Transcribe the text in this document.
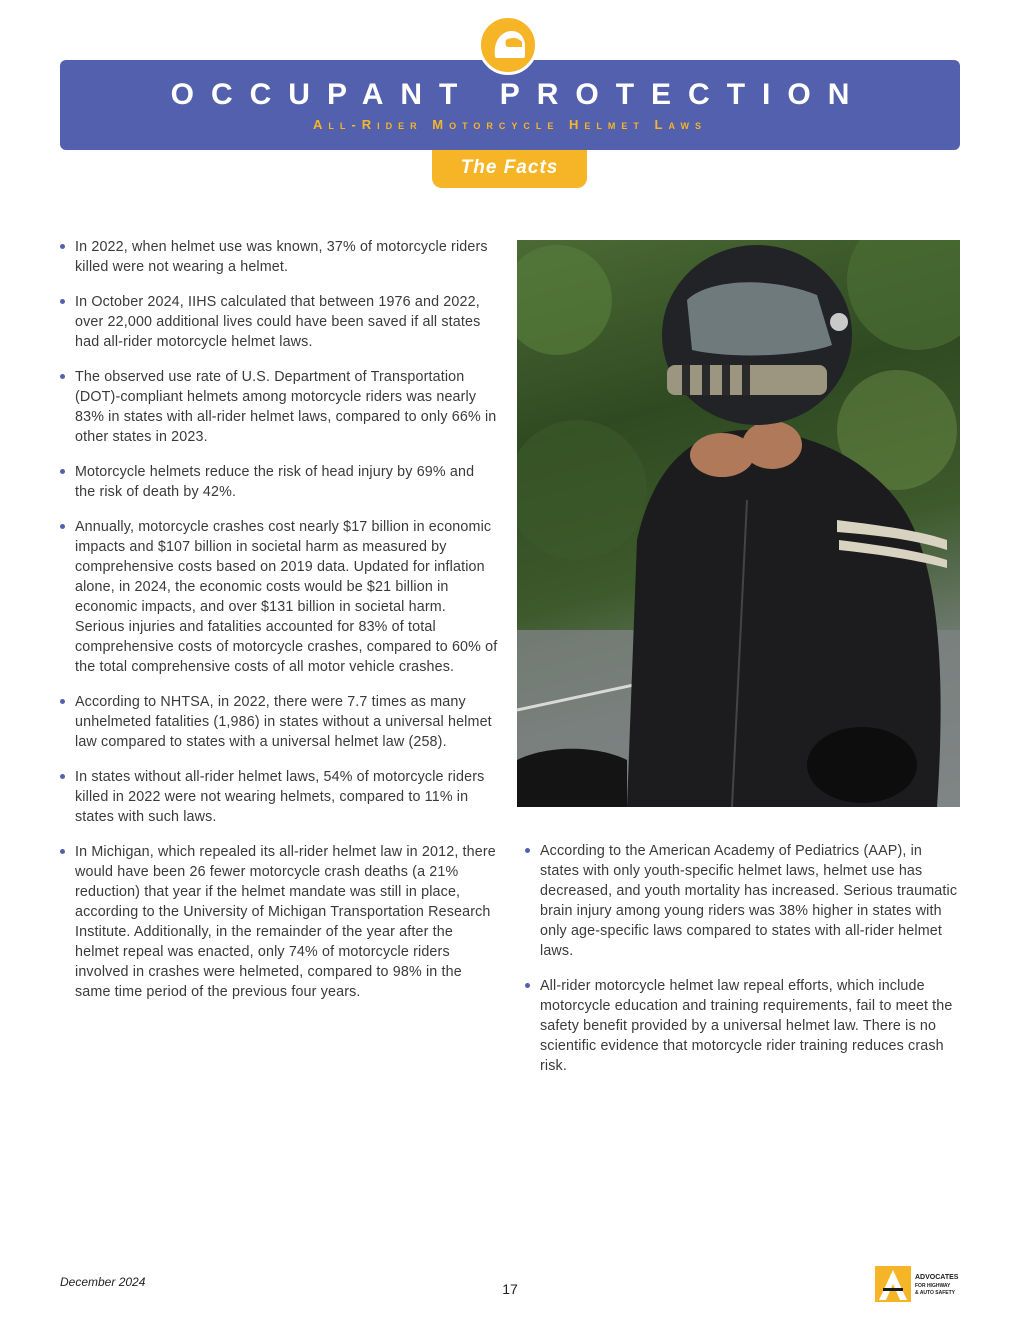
OCCUPANT PROTECTION
All-Rider Motorcycle Helmet Laws
The Facts
In 2022, when helmet use was known, 37% of motorcycle riders killed were not wearing a helmet.
In October 2024, IIHS calculated that between 1976 and 2022, over 22,000 additional lives could have been saved if all states had all-rider motorcycle helmet laws.
The observed use rate of U.S. Department of Transportation (DOT)-compliant helmets among motorcycle riders was nearly 83% in states with all-rider helmet laws, compared to only 66% in other states in 2023.
Motorcycle helmets reduce the risk of head injury by 69% and the risk of death by 42%.
Annually, motorcycle crashes cost nearly $17 billion in economic impacts and $107 billion in societal harm as measured by comprehensive costs based on 2019 data. Updated for inflation alone, in 2024, the economic costs would be $21 billion in economic impacts, and over $131 billion in societal harm. Serious injuries and fatalities accounted for 83% of total comprehensive costs of motorcycle crashes, compared to 60% of the total comprehensive costs of all motor vehicle crashes.
According to NHTSA, in 2022, there were 7.7 times as many unhelmeted fatalities (1,986) in states without a universal helmet law compared to states with a universal helmet law (258).
In states without all-rider helmet laws, 54% of motorcycle riders killed in 2022 were not wearing helmets, compared to 11% in states with such laws.
In Michigan, which repealed its all-rider helmet law in 2012, there would have been 26 fewer motorcycle crash deaths (a 21% reduction) that year if the helmet mandate was still in place, according to the University of Michigan Transportation Research Institute. Additionally, in the remainder of the year after the helmet repeal was enacted, only 74% of motorcycle riders involved in crashes were helmeted, compared to 98% in the same time period of the previous four years.
According to the American Academy of Pediatrics (AAP), in states with only youth-specific helmet laws, helmet use has decreased, and youth mortality has increased. Serious traumatic brain injury among young riders was 38% higher in states with only age-specific laws compared to states with all-rider helmet laws.
All-rider motorcycle helmet law repeal efforts, which include motorcycle education and training requirements, fail to meet the safety benefit provided by a universal helmet law. There is no scientific evidence that motorcycle rider training reduces crash risk.
December 2024	17
ADVOCATES
FOR HIGHWAY
& AUTO SAFETY
